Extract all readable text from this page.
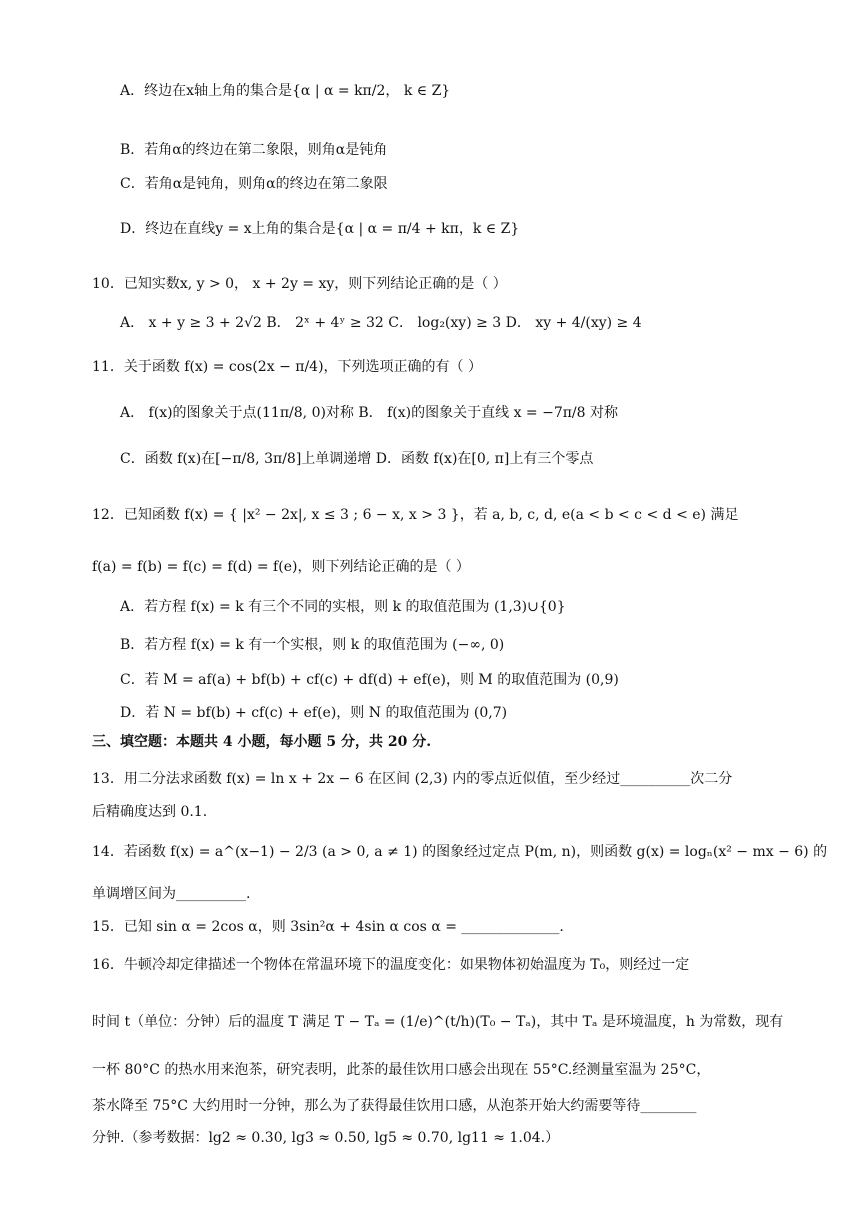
A．终边在x轴上角的集合是{α | α = kπ/2， k ∈ Z}
B．若角α的终边在第二象限，则角α是钝角
C．若角α是钝角，则角α的终边在第二象限
D．终边在直线y = x上角的集合是{α | α = π/4 + kπ，k ∈ Z}
10．已知实数x, y > 0， x + 2y = xy，则下列结论正确的是（ ）
A． x + y ≥ 3 + 2√2 B． 2ˣ + 4ʸ ≥ 32 C． log₂(xy) ≥ 3 D． xy + 4/(xy) ≥ 4
11．关于函数 f(x) = cos(2x − π/4)，下列选项正确的有（ ）
A． f(x)的图象关于点(11π/8, 0)对称 B． f(x)的图象关于直线 x = −7π/8 对称
C．函数 f(x)在[−π/8, 3π/8]上单调递增 D．函数 f(x)在[0, π]上有三个零点
12．已知函数 f(x) = { |x² − 2x|, x ≤ 3 ; 6 − x, x > 3 }，若 a, b, c, d, e(a < b < c < d < e) 满足
f(a) = f(b) = f(c) = f(d) = f(e)，则下列结论正确的是（ ）
A．若方程 f(x) = k 有三个不同的实根，则 k 的取值范围为 (1,3)∪{0}
B．若方程 f(x) = k 有一个实根，则 k 的取值范围为 (−∞, 0)
C．若 M = af(a) + bf(b) + cf(c) + df(d) + ef(e)，则 M 的取值范围为 (0,9)
D．若 N = bf(b) + cf(c) + ef(e)，则 N 的取值范围为 (0,7)
三、填空题：本题共 4 小题，每小题 5 分，共 20 分.
13．用二分法求函数 f(x) = ln x + 2x − 6 在区间 (2,3) 内的零点近似值，至少经过__________次二分
后精确度达到 0.1.
14．若函数 f(x) = a^(x−1) − 2/3 (a > 0, a ≠ 1) 的图象经过定点 P(m, n)，则函数 g(x) = logₙ(x² − mx − 6) 的
单调增区间为__________.
15．已知 sin α = 2cos α，则 3sin²α + 4sin α cos α = ______________.
16．牛顿冷却定律描述一个物体在常温环境下的温度变化：如果物体初始温度为 T₀，则经过一定
时间 t（单位：分钟）后的温度 T 满足 T − Tₐ = (1/e)^(t/h)(T₀ − Tₐ)，其中 Tₐ 是环境温度，h 为常数，现有
一杯 80°C 的热水用来泡茶，研究表明，此茶的最佳饮用口感会出现在 55°C.经测量室温为 25°C，
茶水降至 75°C 大约用时一分钟，那么为了获得最佳饮用口感，从泡茶开始大约需要等待________
分钟.（参考数据：lg2 ≈ 0.30, lg3 ≈ 0.50, lg5 ≈ 0.70, lg11 ≈ 1.04.）
